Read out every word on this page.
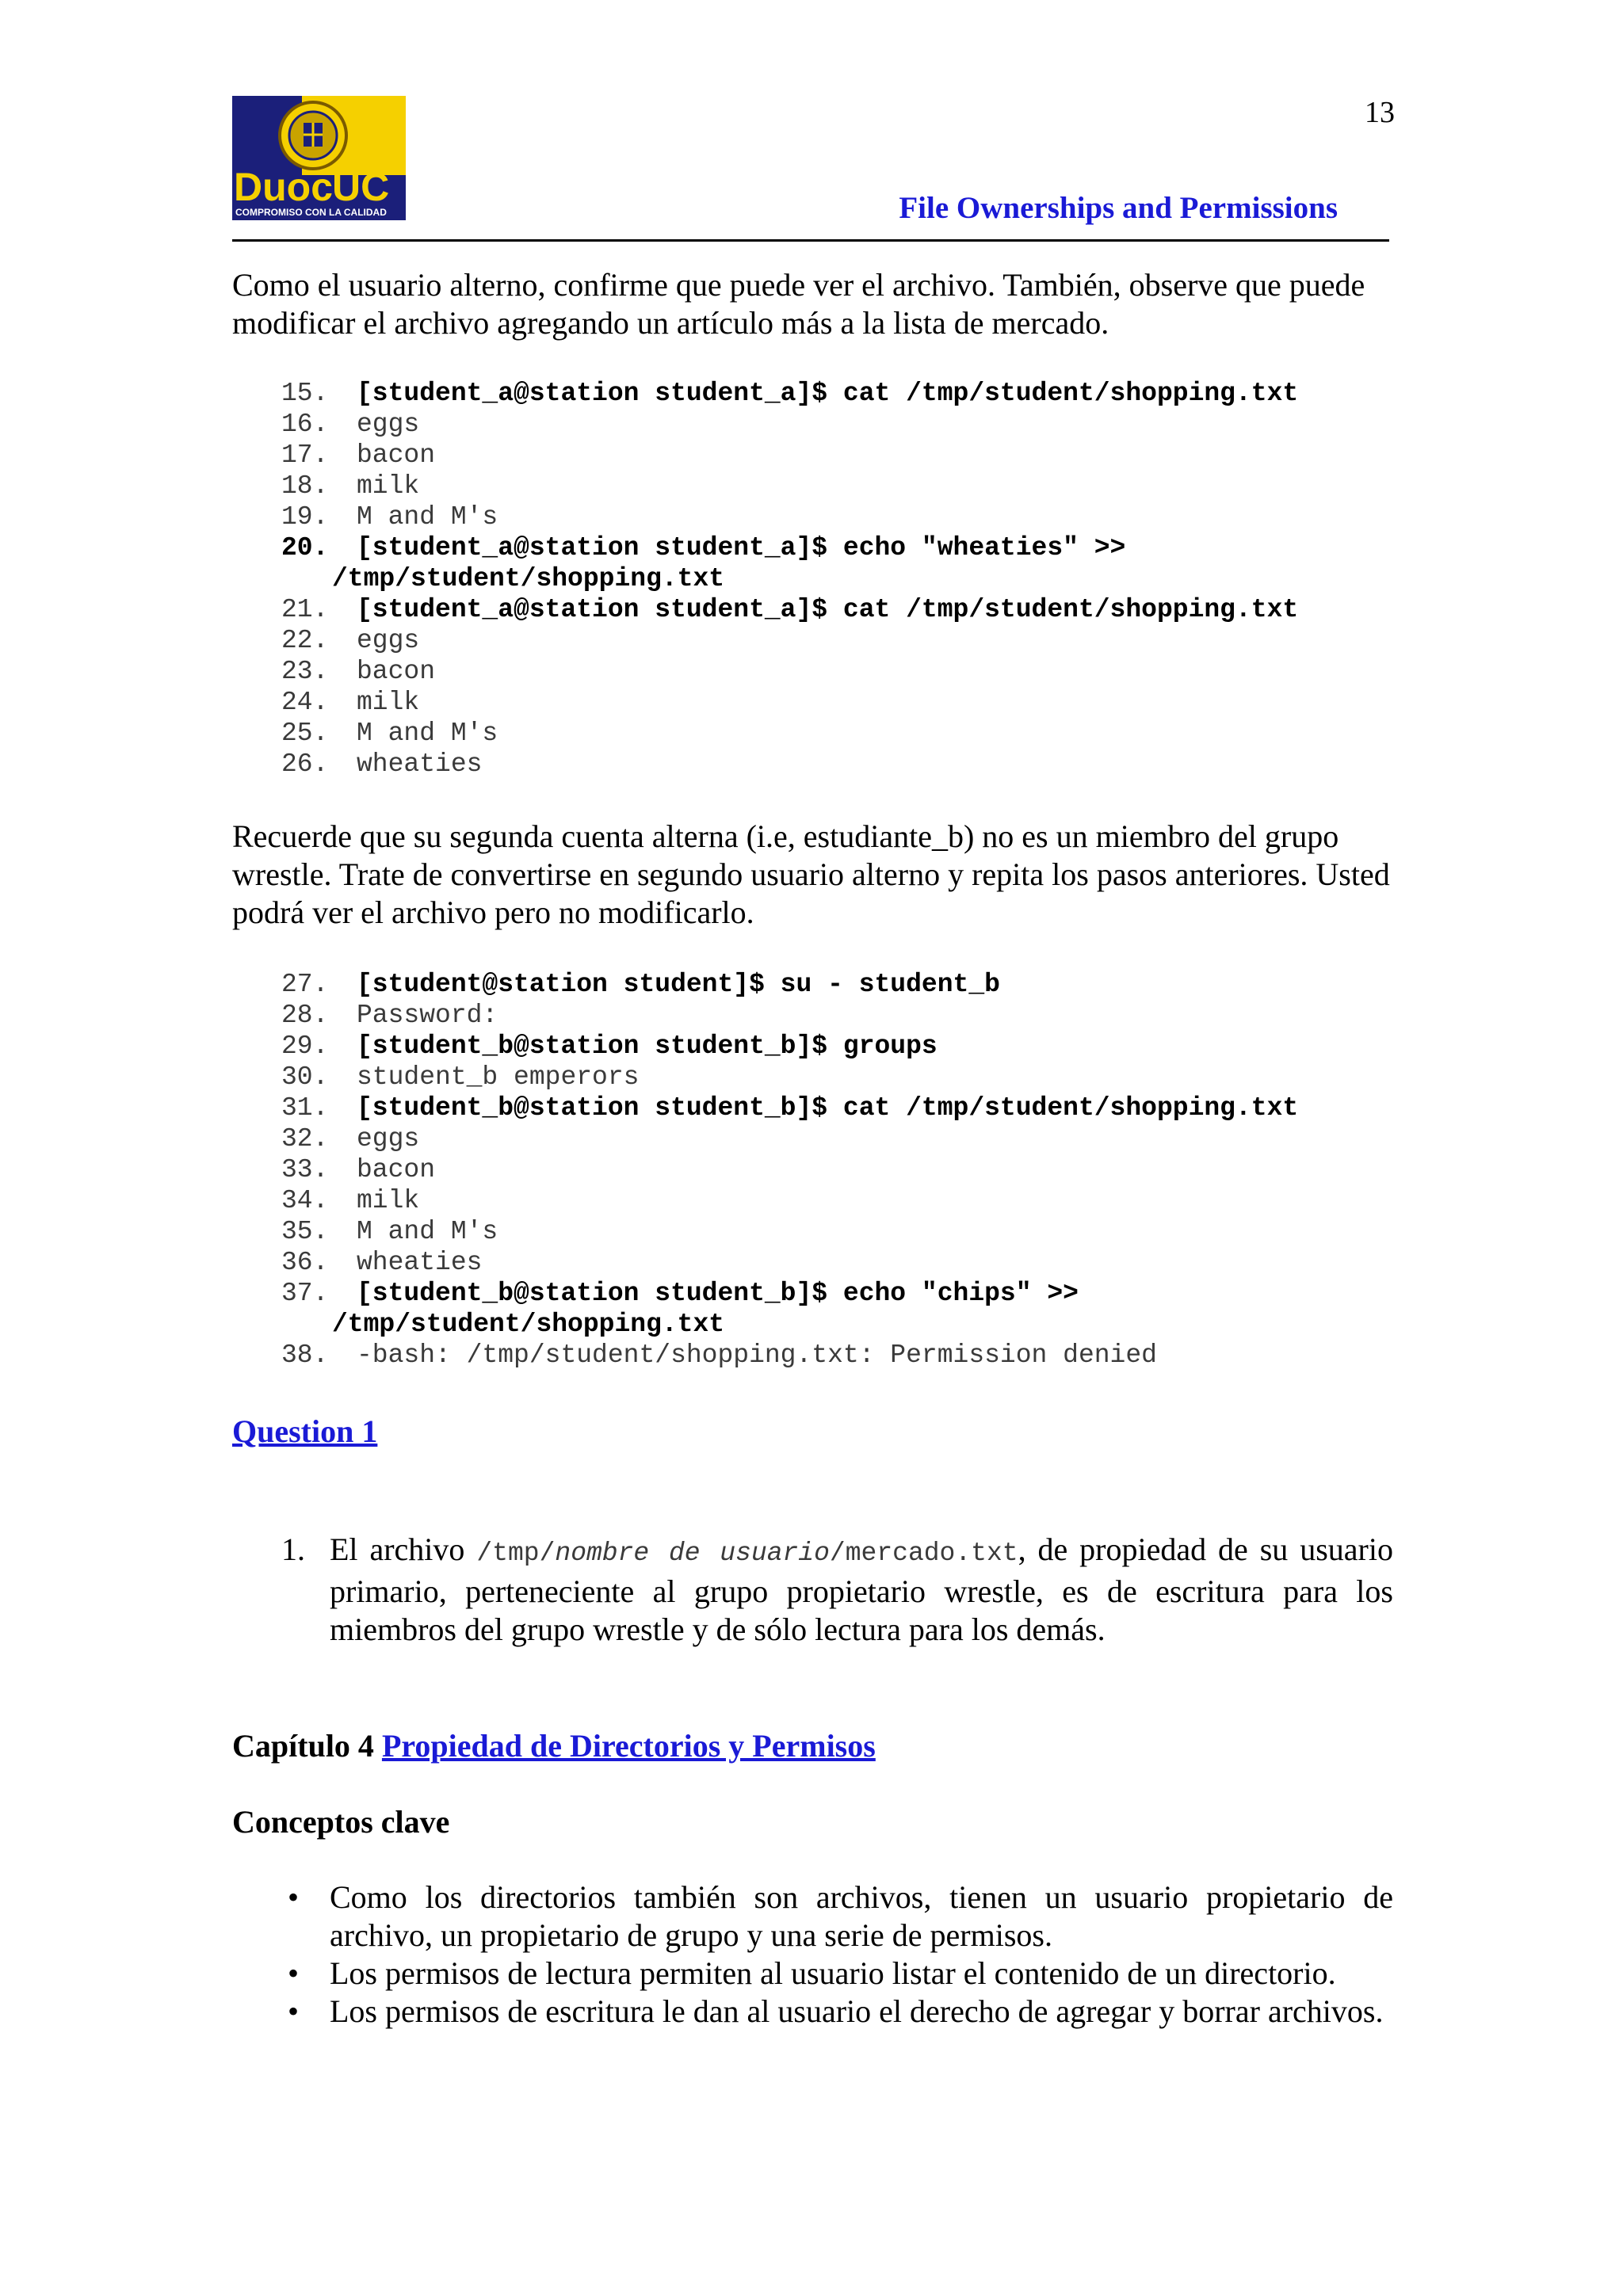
Duoc UC
COMPROMISO CON LA CALIDAD
13
File Ownerships and Permissions

Como el usuario alterno, confirme que puede ver el archivo. También, observe que puede modificar el archivo agregando un artículo más a la lista de mercado.

15.	[student_a@station student_a]$ cat /tmp/student/shopping.txt
16.	eggs
17.	bacon
18.	milk
19.	M and M's
20.	[student_a@station student_a]$ echo "wheaties" >>
/tmp/student/shopping.txt
21.	[student_a@station student_a]$ cat /tmp/student/shopping.txt
22.	eggs
23.	bacon
24.	milk
25.	M and M's
26.	wheaties

Recuerde que su segunda cuenta alterna (i.e, estudiante_b) no es un miembro del grupo wrestle. Trate de convertirse en segundo usuario alterno y repita los pasos anteriores. Usted podrá ver el archivo pero no modificarlo.

27.	[student@station student]$ su - student_b
28.	Password:
29.	[student_b@station student_b]$ groups
30.	student_b emperors
31.	[student_b@station student_b]$ cat /tmp/student/shopping.txt
32.	eggs
33.	bacon
34.	milk
35.	M and M's
36.	wheaties
37.	[student_b@station student_b]$ echo "chips" >>
/tmp/student/shopping.txt
38.	-bash: /tmp/student/shopping.txt: Permission denied
Question 1
1. El archivo /tmp/nombre de usuario/mercado.txt, de propiedad de su usuario primario, perteneciente al grupo propietario wrestle, es de escritura para los miembros del grupo wrestle y de sólo lectura para los demás.
Capítulo 4 Propiedad de Directorios y Permisos
Conceptos clave
• Como los directorios también son archivos, tienen un usuario propietario de archivo, un propietario de grupo y una serie de permisos.
• Los permisos de lectura permiten al usuario listar el contenido de un directorio.
• Los permisos de escritura le dan al usuario el derecho de agregar y borrar archivos.
